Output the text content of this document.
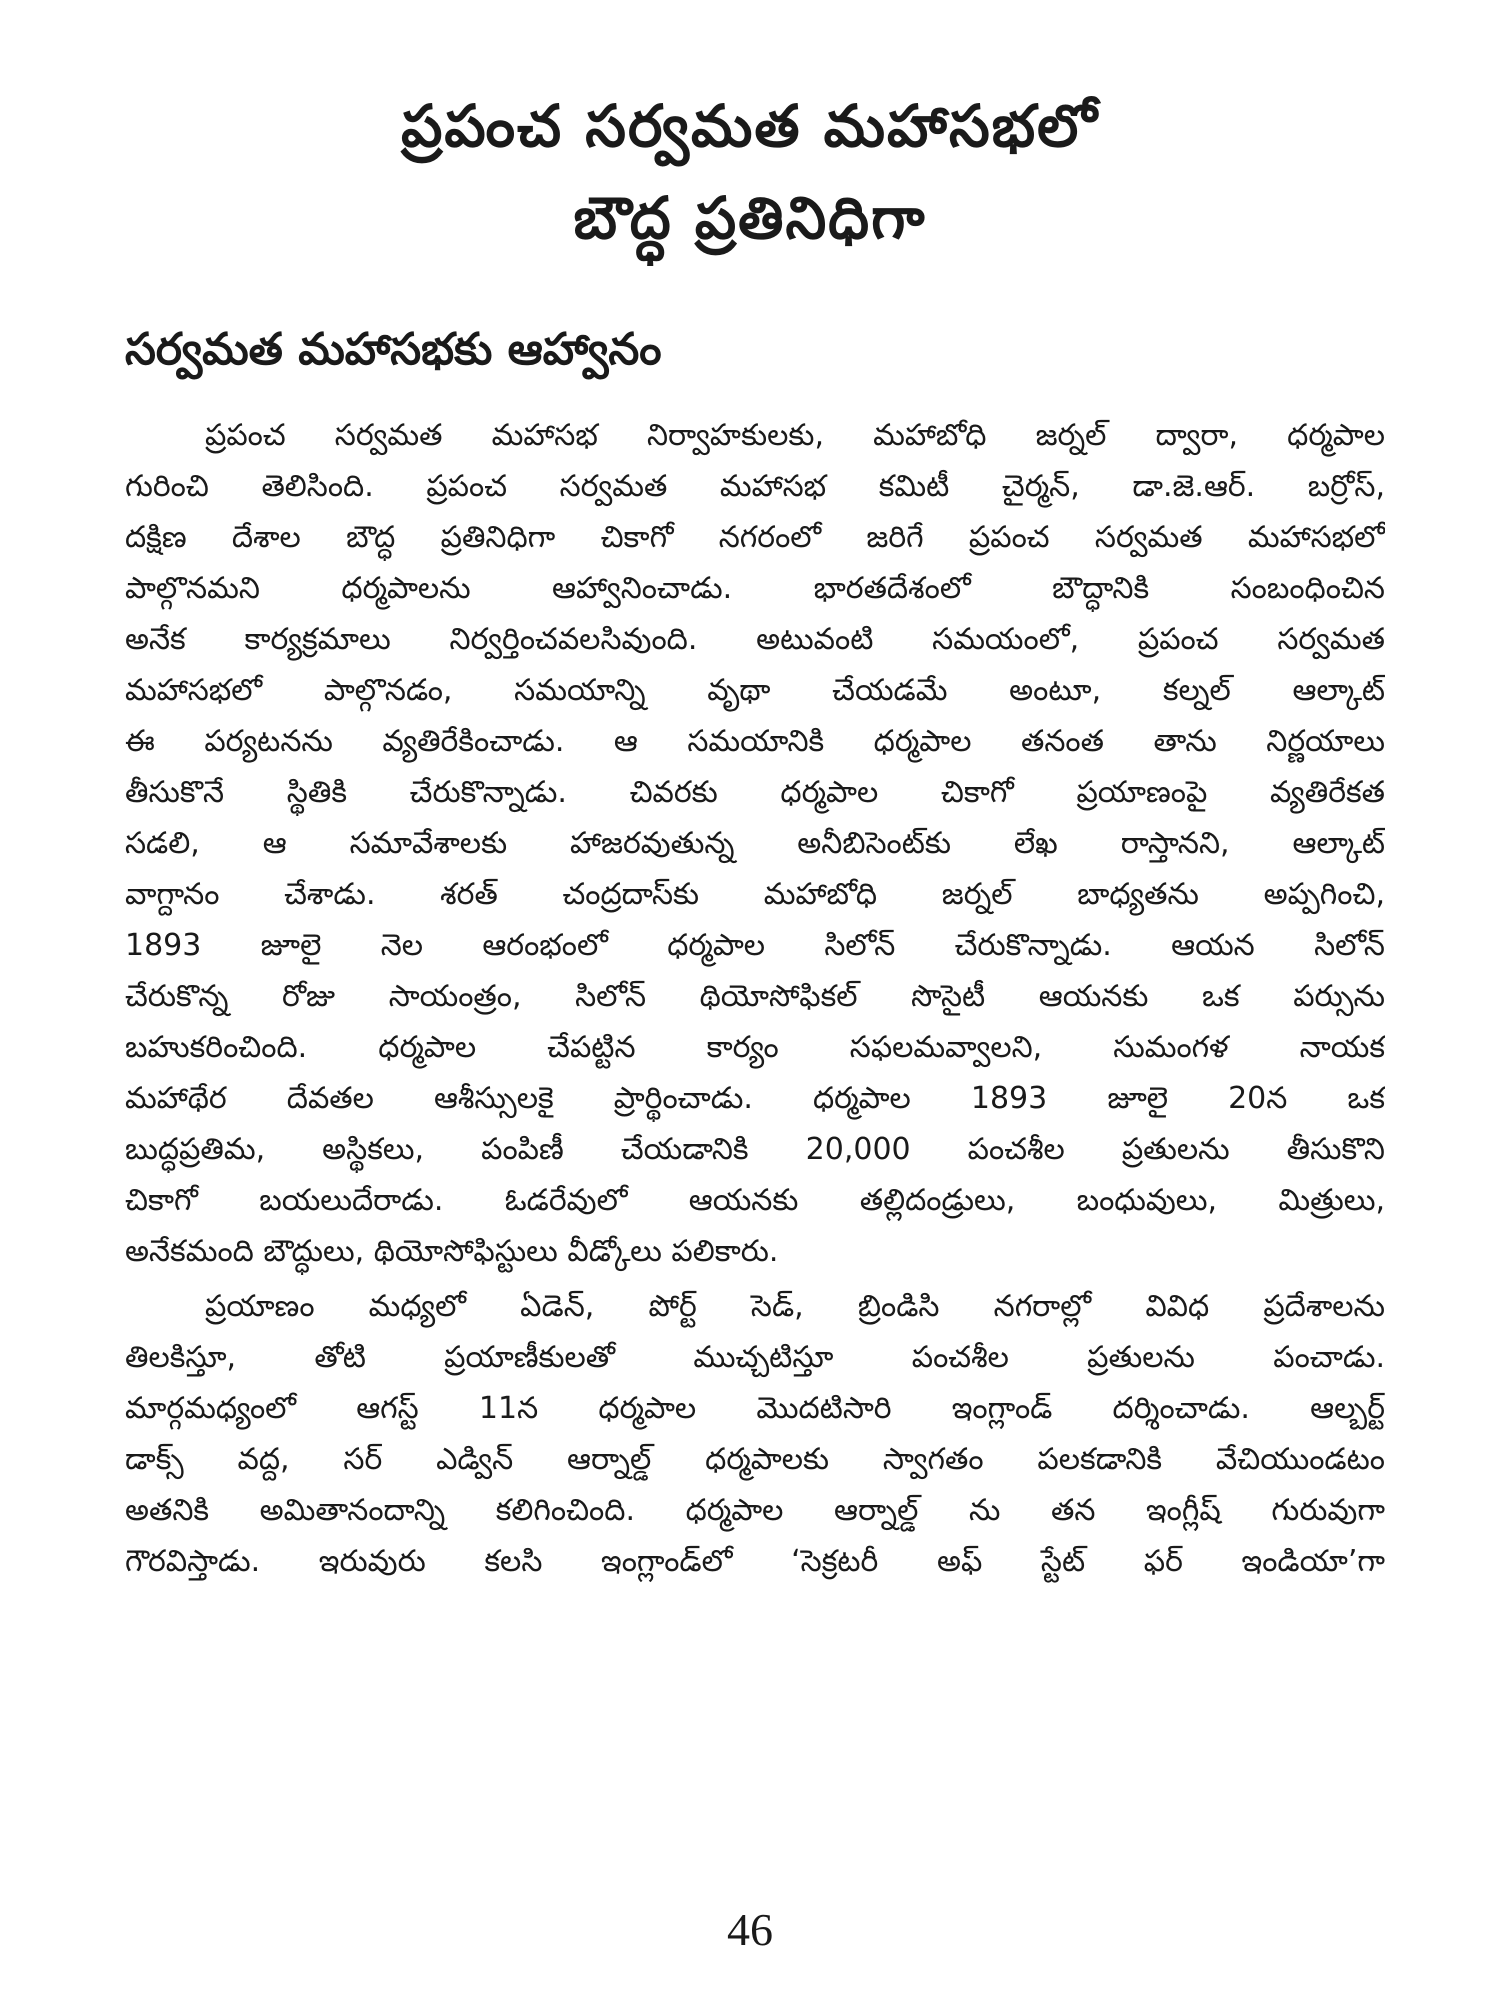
ప్రపంచ సర్వమత మహాసభలో
బౌద్ధ ప్రతినిధిగా
సర్వమత మహాసభకు ఆహ్వానం
ప్రపంచ సర్వమత మహాసభ నిర్వాహకులకు, మహాబోధి జర్నల్ ద్వారా, ధర్మపాల
గురించి తెలిసింది. ప్రపంచ సర్వమత మహాసభ కమిటీ చైర్మన్, డా.జె.ఆర్. బర్రోస్,
దక్షిణ దేశాల బౌద్ధ ప్రతినిధిగా చికాగో నగరంలో జరిగే ప్రపంచ సర్వమత మహాసభలో
పాల్గొనమని ధర్మపాలను ఆహ్వానించాడు. భారతదేశంలో బౌద్ధానికి సంబంధించిన
అనేక కార్యక్రమాలు నిర్వర్తించవలసివుంది. అటువంటి సమయంలో, ప్రపంచ సర్వమత
మహాసభలో పాల్గొనడం, సమయాన్ని వృథా చేయడమే అంటూ, కల్నల్ ఆల్కాట్
ఈ పర్యటనను వ్యతిరేకించాడు. ఆ సమయానికి ధర్మపాల తనంత తాను నిర్ణయాలు
తీసుకొనే స్థితికి చేరుకొన్నాడు. చివరకు ధర్మపాల చికాగో ప్రయాణంపై వ్యతిరేకత
సడలి, ఆ సమావేశాలకు హాజరవుతున్న అనీబిసెంట్‌కు లేఖ రాస్తానని, ఆల్కాట్
వాగ్దానం చేశాడు. శరత్ చంద్రదాస్‌కు మహాబోధి జర్నల్ బాధ్యతను అప్పగించి,
1893 జూలై నెల ఆరంభంలో ధర్మపాల సిలోన్ చేరుకొన్నాడు. ఆయన సిలోన్
చేరుకొన్న రోజు సాయంత్రం, సిలోన్ థియోసోఫికల్ సొసైటీ ఆయనకు ఒక పర్సును
బహుకరించింది. ధర్మపాల చేపట్టిన కార్యం సఫలమవ్వాలని, సుమంగళ నాయక
మహాథేర దేవతల ఆశీస్సులకై ప్రార్థించాడు. ధర్మపాల 1893 జూలై 20న ఒక
బుద్ధప్రతిమ, అస్థికలు, పంపిణీ చేయడానికి 20,000 పంచశీల ప్రతులను తీసుకొని
చికాగో బయలుదేరాడు. ఓడరేవులో ఆయనకు తల్లిదండ్రులు, బంధువులు, మిత్రులు,
అనేకమంది బౌద్ధులు, థియోసోఫిస్టులు వీడ్కోలు పలికారు.
ప్రయాణం మధ్యలో ఏడెన్, పోర్ట్ సెడ్, బ్రిండిసి నగరాల్లో వివిధ ప్రదేశాలను
తిలకిస్తూ, తోటి ప్రయాణీకులతో ముచ్చటిస్తూ పంచశీల ప్రతులను పంచాడు.
మార్గమధ్యంలో ఆగస్ట్ 11న ధర్మపాల మొదటిసారి ఇంగ్లాండ్ దర్శించాడు. ఆల్బర్ట్
డాక్స్ వద్ద, సర్ ఎడ్విన్ ఆర్నాల్డ్ ధర్మపాలకు స్వాగతం పలకడానికి వేచియుండటం
అతనికి అమితానందాన్ని కలిగించింది. ధర్మపాల ఆర్నాల్డ్ ను తన ఇంగ్లీష్ గురువుగా
గౌరవిస్తాడు. ఇరువురు కలసి ఇంగ్లాండ్‌లో ‘సెక్రటరీ అఫ్ స్టేట్ ఫర్ ఇండియా’గా
46
